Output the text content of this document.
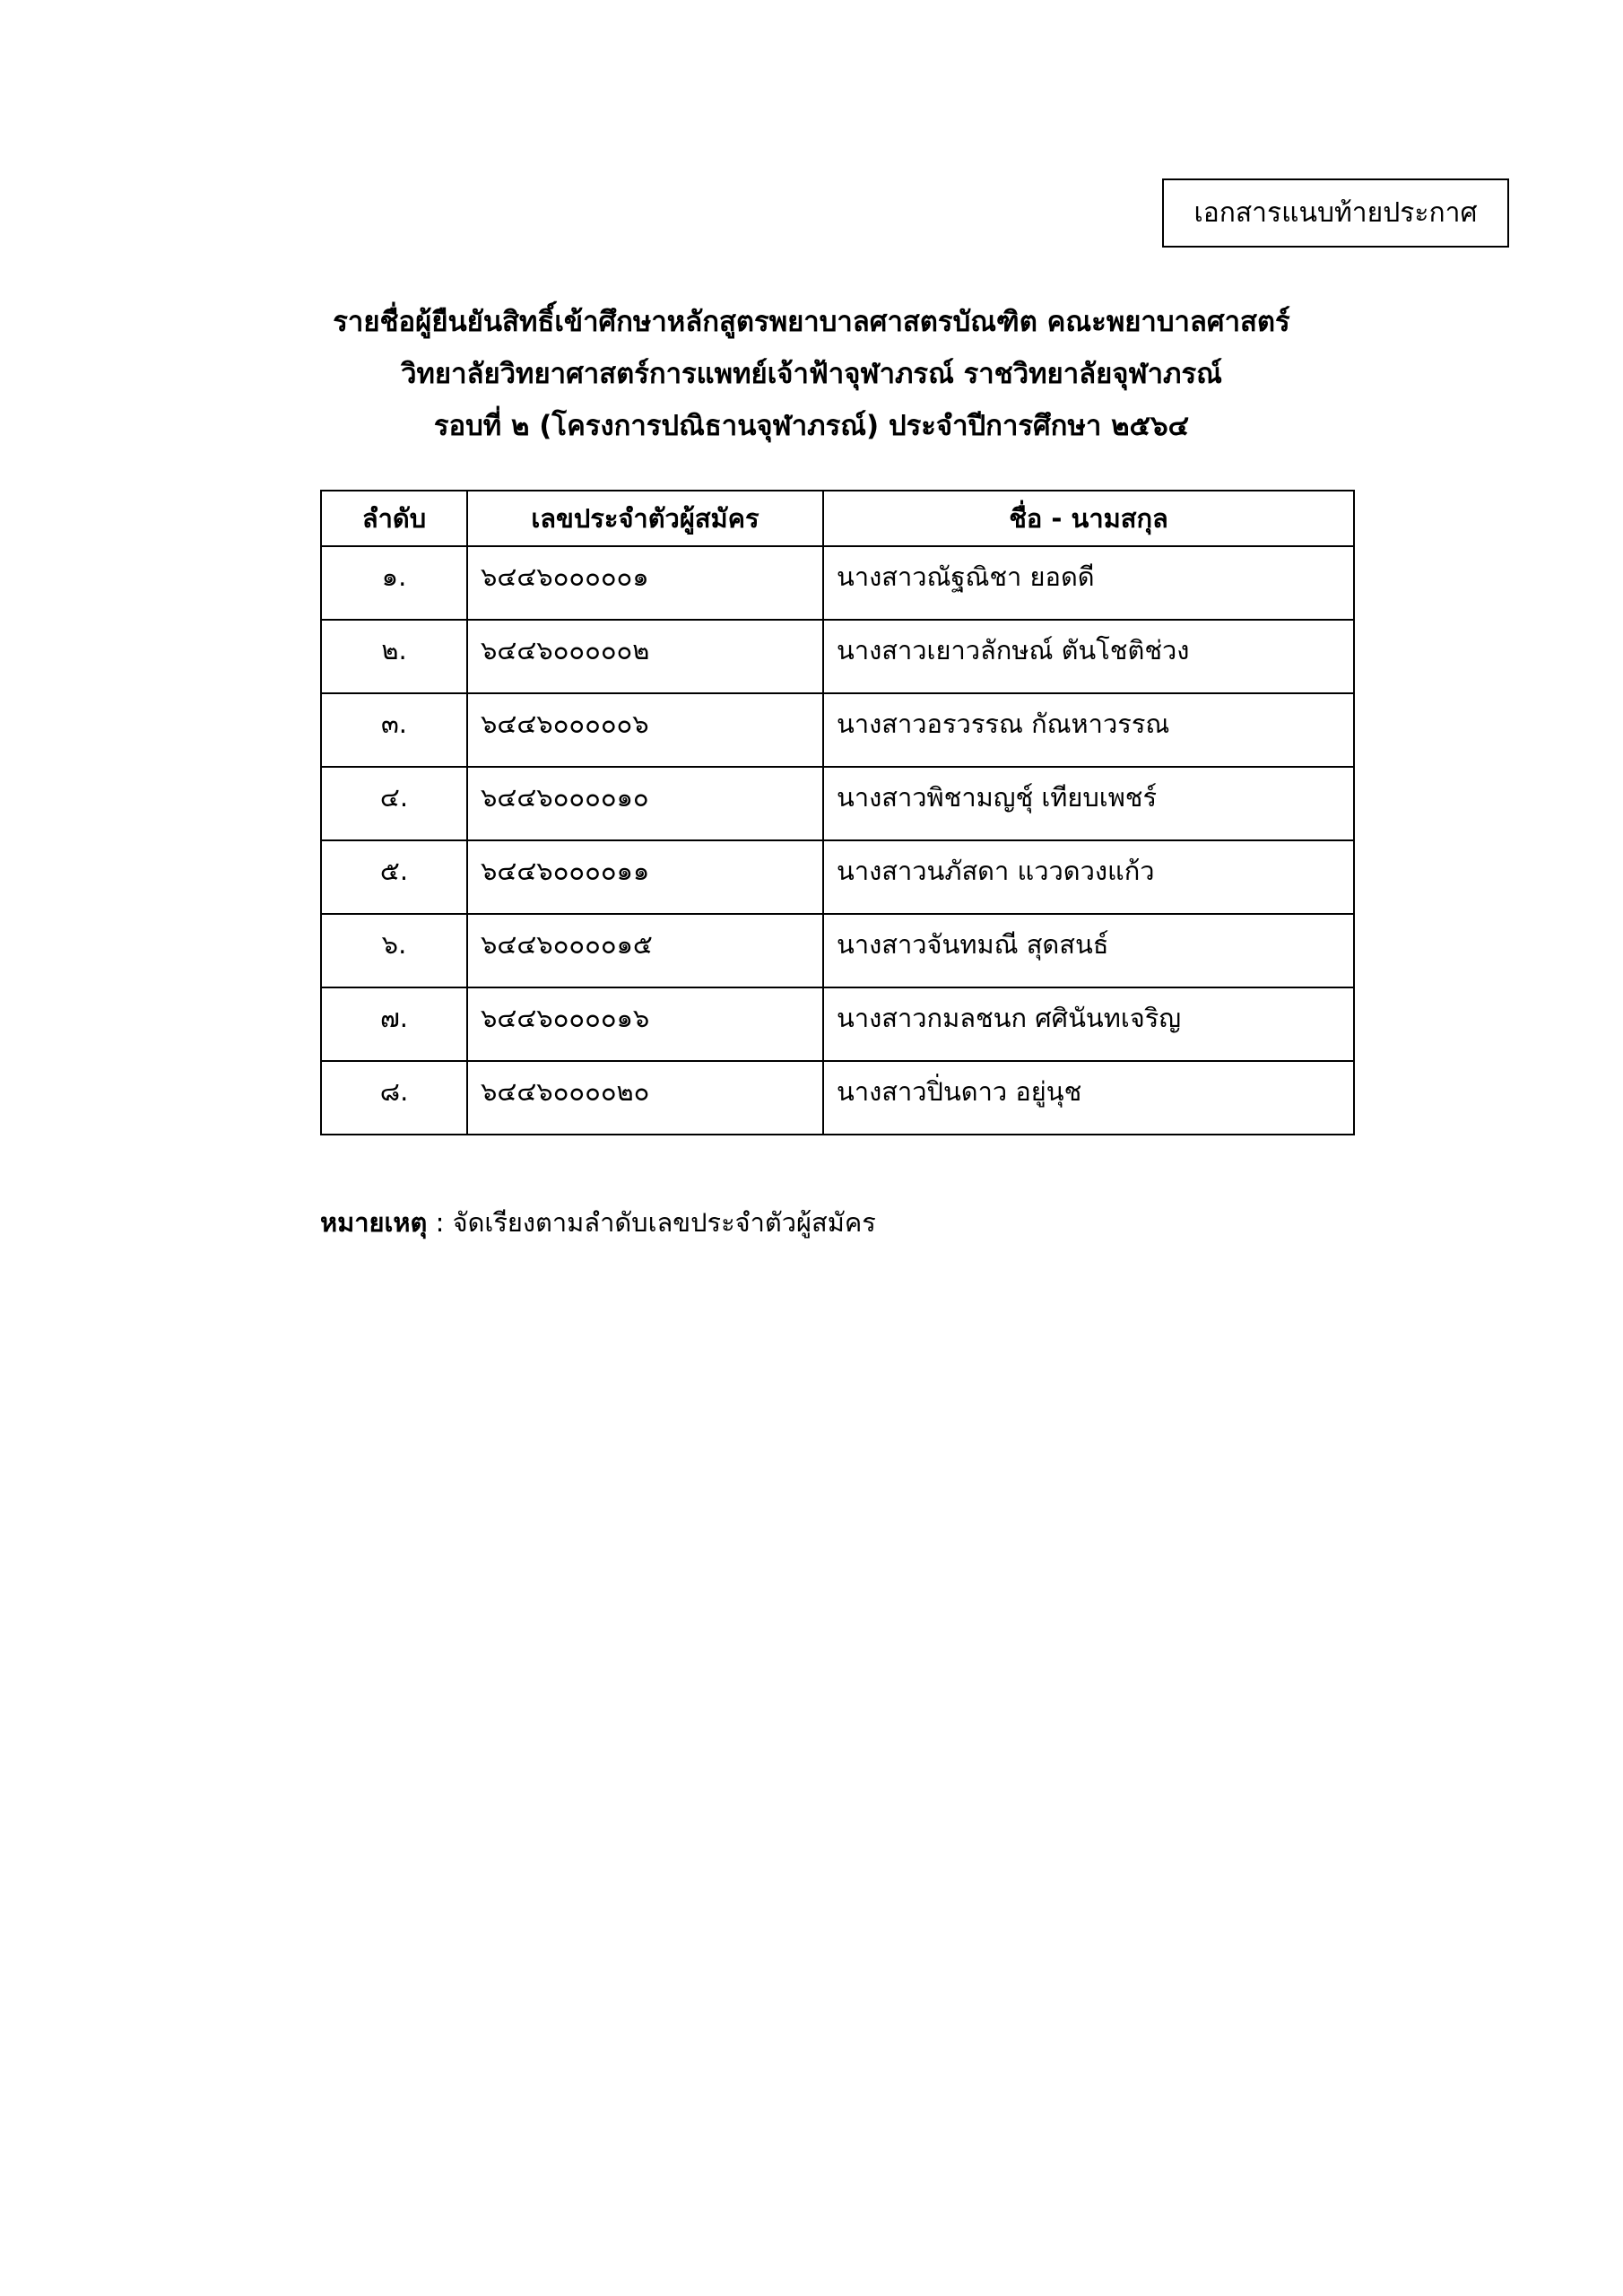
เอกสารแนบท้ายประกาศ
รายชื่อผู้ยืนยันสิทธิ์เข้าศึกษาหลักสูตรพยาบาลศาสตรบัณฑิต คณะพยาบาลศาสตร์
วิทยาลัยวิทยาศาสตร์การแพทย์เจ้าฟ้าจุฬาภรณ์ ราชวิทยาลัยจุฬาภรณ์
รอบที่ ๒ (โครงการปณิธานจุฬาภรณ์) ประจำปีการศึกษา ๒๕๖๔
ลำดับ	เลขประจำตัวผู้สมัคร	ชื่อ - นามสกุล
๑.	๖๔๔๖๐๐๐๐๐๑	นางสาวณัฐณิชา ยอดดี
๒.	๖๔๔๖๐๐๐๐๐๒	นางสาวเยาวลักษณ์ ตันโชติช่วง
๓.	๖๔๔๖๐๐๐๐๐๖	นางสาวอรวรรณ กัณหาวรรณ
๔.	๖๔๔๖๐๐๐๐๑๐	นางสาวพิชามญชุ์ เทียบเพชร์
๕.	๖๔๔๖๐๐๐๐๑๑	นางสาวนภัสดา แววดวงแก้ว
๖.	๖๔๔๖๐๐๐๐๑๕	นางสาวจันทมณี สุดสนธ์
๗.	๖๔๔๖๐๐๐๐๑๖	นางสาวกมลชนก ศศินันทเจริญ
๘.	๖๔๔๖๐๐๐๐๒๐	นางสาวปิ่นดาว อยู่นุช
หมายเหตุ : จัดเรียงตามลำดับเลขประจำตัวผู้สมัคร
